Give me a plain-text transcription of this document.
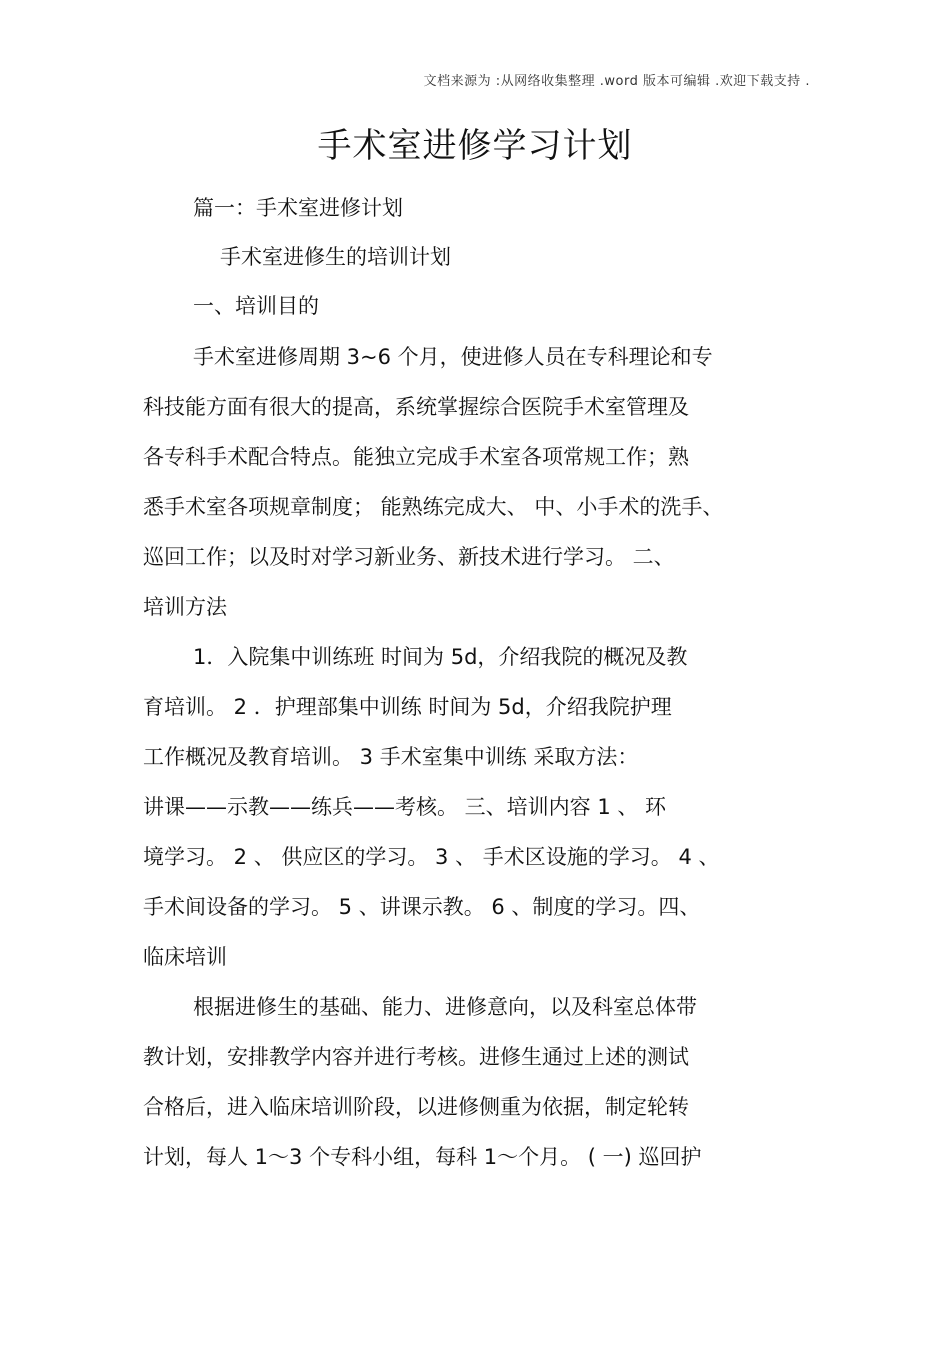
文档来源为 :从网络收集整理 .word 版本可编辑 .欢迎下载支持 .
手术室进修学习计划
篇一：手术室进修计划
手术室进修生的培训计划
一、培训目的
手术室进修周期 3~6 个月，使进修人员在专科理论和专
科技能方面有很大的提高，系统掌握综合医院手术室管理及
各专科手术配合特点。能独立完成手术室各项常规工作；熟
悉手术室各项规章制度； 能熟练完成大、 中、小手术的洗手、
巡回工作；以及时对学习新业务、新技术进行学习。 二、
培训方法
1．入院集中训练班 时间为 5d，介绍我院的概况及教
育培训。 2 ．护理部集中训练 时间为 5d，介绍我院护理
工作概况及教育培训。 3 手术室集中训练 采取方法：
讲课——示教——练兵——考核。 三、培训内容 1 、 环
境学习。 2 、 供应区的学习。 3 、 手术区设施的学习。 4 、
手术间设备的学习。 5 、讲课示教。 6 、制度的学习。四、
临床培训
根据进修生的基础、能力、进修意向，以及科室总体带
教计划，安排教学内容并进行考核。进修生通过上述的测试
合格后，进入临床培训阶段，以进修侧重为依据，制定轮转
计划，每人 1～3 个专科小组，每科 1～个月。 ( 一) 巡回护
